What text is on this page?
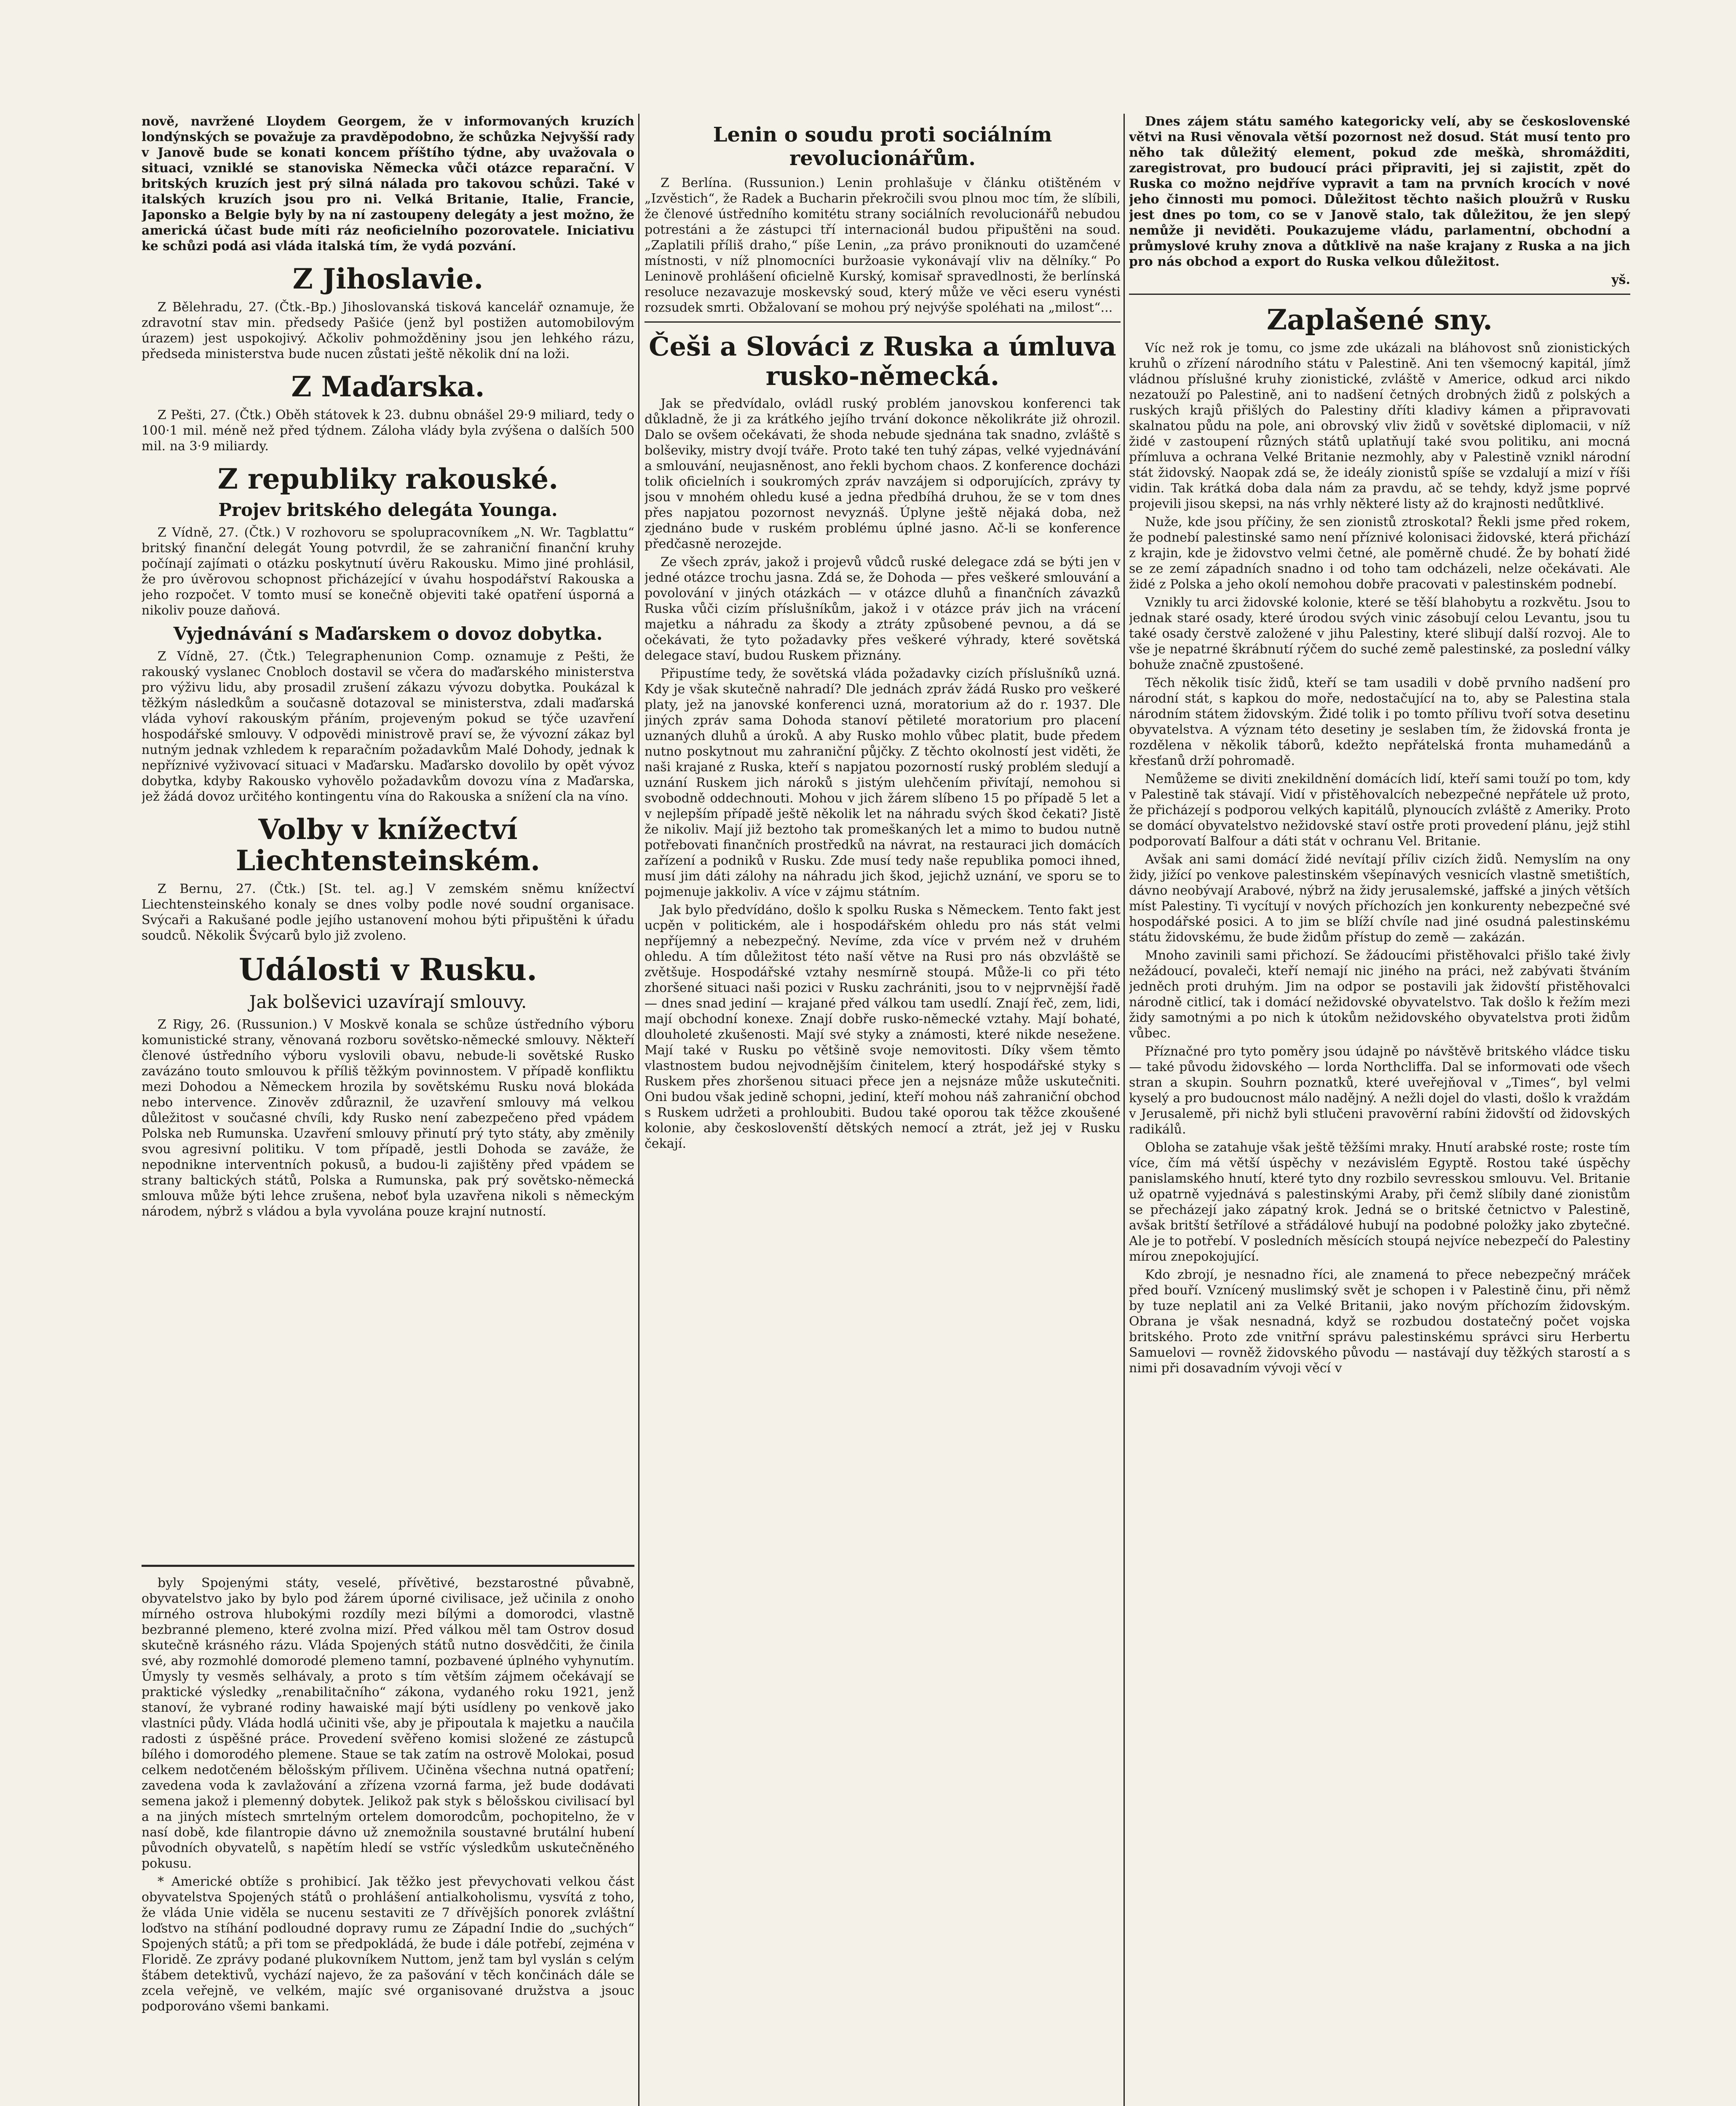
nově, navržené Lloydem Georgem, že v informovaných kruzích londýnských se považuje za pravděpodobno, že schůzka Nejvyšší rady v Janově bude se konati koncem příštího týdne, aby uvažovala o situaci, vzniklé se stanoviska Německa vůči otázce reparační. V britských kruzích jest prý silná nálada pro takovou schůzi. Také v italských kruzích jsou pro ni. Velká Britanie, Italie, Francie, Japonsko a Belgie byly by na ní zastoupeny delegáty a jest možno, že americká účast bude míti ráz neoficielního pozorovatele. Iniciativu ke schůzi podá asi vláda italská tím, že vydá pozvání.

Z Jihoslavie.

Z Bělehradu, 27. (Čtk.-Bp.) Jihoslovanská tisková kancelář oznamuje, že zdravotní stav min. předsedy Pašiće (jenž byl postižen automobilovým úrazem) jest uspokojivý. Ačkoliv pohmožděniny jsou jen lehkého rázu, předseda ministerstva bude nucen zůstati ještě několik dní na loži.

Z Maďarska.

Z Pešti, 27. (Čtk.) Oběh státovek k 23. dubnu obnášel 29·9 miliard, tedy o 100·1 mil. méně než před týdnem. Záloha vlády byla zvýšena o dalších 500 mil. na 3·9 miliardy.

Z republiky rakouské.
Projev britského delegáta Younga.

Z Vídně, 27. (Čtk.) V rozhovoru se spolupracovníkem „N. Wr. Tagblattu“ britský finanční delegát Young potvrdil, že se zahraniční finanční kruhy počínají zajímati o otázku poskytnutí úvěru Rakousku. Mimo jiné prohlásil, že pro úvěrovou schopnost přicházející v úvahu hospodářství Rakouska a jeho rozpočet. V tomto musí se konečně objeviti také opatření úsporná a nikoliv pouze daňová.

Vyjednávání s Maďarskem o dovoz dobytka.

Z Vídně, 27. (Čtk.) Telegraphenunion Comp. oznamuje z Pešti, že rakouský vyslanec Cnobloch dostavil se včera do maďarského ministerstva pro výživu lidu, aby prosadil zrušení zákazu vývozu dobytka. Poukázal k těžkým následkům a současně dotazoval se ministerstva, zdali maďarská vláda vyhoví rakouským přáním, projeveným pokud se týče uzavření hospodářské smlouvy. V odpovědi ministrově praví se, že vývozní zákaz byl nutným jednak vzhledem k reparačním požadavkům Malé Dohody, jednak k nepříznivé vyživovací situaci v Maďarsku. Maďarsko dovolilo by opět vývoz dobytka, kdyby Rakousko vyhovělo požadavkům dovozu vína z Maďarska, jež žádá dovoz určitého kontingentu vína do Rakouska a snížení cla na víno.

Volby v knížectví Liechtensteinském.

Z Bernu, 27. (Čtk.) [St. tel. ag.] V zemském sněmu knížectví Liechtensteinského konaly se dnes volby podle nové soudní organisace. Svýcaři a Rakušané podle jejího ustanovení mohou býti připuštěni k úřadu soudců. Několik Švýcarů bylo již zvoleno.

Události v Rusku.
Jak bolševici uzavírají smlouvy.

Z Rigy, 26. (Russunion.) V Moskvě konala se schůze ústředního výboru komunistické strany, věnovaná rozboru sovětsko-německé smlouvy. Někteří členové ústředního výboru vyslovili obavu, nebude-li sovětské Rusko zavázáno touto smlouvou k příliš těžkým povinnostem. V případě konfliktu mezi Dohodou a Německem hrozila by sovětskému Rusku nová blokáda nebo intervence. Zinověv zdůraznil, že uzavření smlouvy má velkou důležitost v současné chvíli, kdy Rusko není zabezpečeno před vpádem Polska neb Rumunska. Uzavření smlouvy přinutí prý tyto státy, aby změnily svou agresivní politiku. V tom případě, jestli Dohoda se zaváže, že nepodnikne interventních pokusů, a budou-li zajištěny před vpádem se strany baltických států, Polska a Rumunska, pak prý sovětsko-německá smlouva může býti lehce zrušena, neboť byla uzavřena nikoli s německým národem, nýbrž s vládou a byla vyvolána pouze krajní nutností.

byly Spojenými státy, veselé, přívětivé, bezstarostné půvabně, obyvatelstvo jako by bylo pod žárem úporné civilisace, jež učinila z onoho mírného ostrova hlubokými rozdíly mezi bílými a domorodci, vlastně bezbranné plemeno, které zvolna mizí. Před válkou měl tam Ostrov dosud skutečně krásného rázu. Vláda Spojených států nutno dosvědčiti, že činila své, aby rozmohlé domorodé plemeno tamní, pozbavené úplného vyhynutím. Úmysly ty vesměs selhávaly, a proto s tím větším zájmem očekávají se praktické výsledky „renabilitačního“ zákona, vydaného roku 1921, jenž stanoví, že vybrané rodiny hawaiské mají býti usídleny po venkově jako vlastníci půdy. Vláda hodlá učiniti vše, aby je připoutala k majetku a naučila radosti z úspěšné práce. Provedení svěřeno komisi složené ze zástupců bílého i domorodého plemene. Staue se tak zatím na ostrově Molokai, posud celkem nedotčeném bělošským přílivem. Učiněna všechna nutná opatření; zavedena voda k zavlažování a zřízena vzorná farma, jež bude dodávati semena jakož i plemenný dobytek. Jelikož pak styk s bělošskou civilisací byl a na jiných místech smrtelným ortelem domorodcům, pochopitelno, že v nasí době, kde filantropie dávno už znemožnila soustavné brutální hubení původních obyvatelů, s napětím hledí se vstříc výsledkům uskutečněného pokusu.

* Americké obtíže s prohibicí. Jak těžko jest převychovati velkou část obyvatelstva Spojených států o prohlášení antialkoholismu, vysvítá z toho, že vláda Unie viděla se nucenu sestaviti ze 7 dřívějších ponorek zvláštní loďstvo na stíhání podloudné dopravy rumu ze Západní Indie do „suchých“ Spojených států; a při tom se předpokládá, že bude i dále potřebí, zejména v Floridě. Ze zprávy podané plukovníkem Nuttom, jenž tam byl vyslán s celým štábem detektivů, vychází najevo, že za pašování v těch končinách dále se zcela veřejně, ve velkém, majíc své organisované družstva a jsouc podporováno všemi bankami.

Lenin o soudu proti sociálním revolucionářům.

Z Berlína. (Russunion.) Lenin prohlašuje v článku otištěném v „Izvěstich“, že Radek a Bucharin překročili svou plnou moc tím, že slíbili, že členové ústředního komitétu strany sociálních revolucionářů nebudou potrestáni a že zástupci tří internacionál budou připuštěni na soud. „Zaplatili příliš draho,“ píše Lenin, „za právo proniknouti do uzamčené místnosti, v níž plnomocníci buržoasie vykonávají vliv na dělníky.“ Po Leninově prohlášení oficielně Kurský, komisař spravedlnosti, že berlínská resoluce nezavazuje moskevský soud, který může ve věci eseru vynésti rozsudek smrti. Obžalovaní se mohou prý nejvýše spoléhati na „milost“...

Češi a Slováci z Ruska a úmluva rusko-německá.

Jak se předvídalo, ovládl ruský problém janovskou konferenci tak důkladně, že ji za krátkého jejího trvání dokonce několikráte již ohrozil. Dalo se ovšem očekávati, že shoda nebude sjednána tak snadno, zvláště s bolševiky, mistry dvojí tváře. Proto také ten tuhý zápas, velké vyjednávání a smlouvání, neujasněnost, ano řekli bychom chaos. Z konference docházi tolik oficielních i soukromých zpráv navzájem si odporujících, zprávy ty jsou v mnohém ohledu kusé a jedna předbíhá druhou, že se v tom dnes přes napjatou pozornost nevyznáš. Úplyne ještě nějaká doba, než zjednáno bude v ruském problému úplné jasno. Ač-li se konference předčasně nerozejde.

Ze všech zpráv, jakož i projevů vůdců ruské delegace zdá se býti jen v jedné otázce trochu jasna. Zdá se, že Dohoda — přes veškeré smlouvání a povolování v jiných otázkách — v otázce dluhů a finančních závazků Ruska vůči cizím příslušníkům, jakož i v otázce práv jich na vrácení majetku a náhradu za škody a ztráty způsobené pevnou, a dá se očekávati, že tyto požadavky přes veškeré výhrady, které sovětská delegace staví, budou Ruskem přiznány.

Připustíme tedy, že sovětská vláda požadavky cizích příslušníků uzná. Kdy je však skutečně nahradí? Dle jednách zpráv žádá Rusko pro veškeré platy, jež na janovské konferenci uzná, moratorium až do r. 1937. Dle jiných zpráv sama Dohoda stanoví pětileté moratorium pro placení uznaných dluhů a úroků. A aby Rusko mohlo vůbec platit, bude předem nutno poskytnout mu zahraniční půjčky. Z těchto okolností jest viděti, že naši krajané z Ruska, kteří s napjatou pozorností ruský problém sledují a uznání Ruskem jich nároků s jistým ulehčením přivítají, nemohou si svobodně oddechnouti. Mohou v jich žárem slíbeno 15 po případě 5 let a v nejlepším případě ještě několik let na náhradu svých škod čekati? Jistě že nikoliv. Mají již beztoho tak promeškaných let a mimo to budou nutně potřebovati finančních prostředků na návrat, na restauraci jich domácích zařízení a podniků v Rusku. Zde musí tedy naše republika pomoci ihned, musí jim dáti zálohy na náhradu jich škod, jejichž uznání, ve sporu se to pojmenuje jakkoliv. A více v zájmu státním.

Jak bylo předvídáno, došlo k spolku Ruska s Německem. Tento fakt jest ucpěn v politickém, ale i hospodářském ohledu pro nás stát velmi nepříjemný a nebezpečný. Nevíme, zda více v prvém než v druhém ohledu. A tím důležitost této naší větve na Rusi pro nás obzvláště se zvětšuje. Hospodářské vztahy nesmírně stoupá. Může-li co při této zhoršené situaci naši pozici v Rusku zachrániti, jsou to v nejprvnější řadě — dnes snad jediní — krajané před válkou tam usedlí. Znají řeč, zem, lidi, mají obchodní konexe. Znají dobře rusko-německé vztahy. Mají bohaté, dlouholeté zkušenosti. Mají své styky a známosti, které nikde nesežene. Mají také v Rusku po většině svoje nemovitosti. Díky všem těmto vlastnostem budou nejvodnějším činitelem, který hospodářské styky s Ruskem přes zhoršenou situaci přece jen a nejsnáze může uskutečniti. Oni budou však jedině schopni, jediní, kteří mohou náš zahraniční obchod s Ruskem udržeti a prohloubiti. Budou také oporou tak těžce zkoušené kolonie, aby českoslovenští dětských nemocí a ztrát, jež jej v Rusku čekají.

Dnes zájem státu samého kategoricky velí, aby se československé větvi na Rusi věnovala větší pozornost než dosud. Stát musí tento pro něho tak důležitý element, pokud zde meškà, shromážditi, zaregistrovat, pro budoucí práci připraviti, jej si zajistit, zpět do Ruska co možno nejdříve vypravit a tam na prvních krocích v nové jeho činnosti mu pomoci. Důležitost těchto našich ploužrů v Rusku jest dnes po tom, co se v Janově stalo, tak důležitou, že jen slepý nemůže ji neviděti. Poukazujeme vládu, parlamentní, obchodní a průmyslové kruhy znova a důtklivě na naše krajany z Ruska a na jich pro nás obchod a export do Ruska velkou důležitost.

yš.
Zaplašené sny.

Víc než rok je tomu, co jsme zde ukázali na bláhovost snů zionistických kruhů o zřízení národního státu v Palestině. Ani ten všemocný kapitál, jímž vládnou příslušné kruhy zionistické, zvláště v Americe, odkud arci nikdo nezatouží po Palestině, ani to nadšení četných drobných židů z polských a ruských krajů přišlých do Palestiny dříti kladivy kámen a připravovati skalnatou půdu na pole, ani obrovský vliv židů v sovětské diplomacii, v níž židé v zastoupení různých států uplatňují také svou politiku, ani mocná přímluva a ochrana Velké Britanie nezmohly, aby v Palestině vznikl národní stát židovský. Naopak zdá se, že ideály zionistů spíše se vzdalují a mizí v říši vidin. Tak krátká doba dala nám za pravdu, ač se tehdy, když jsme poprvé projevili jisou skepsi, na nás vrhly některé listy až do krajnosti nedůtklivé.

Nuže, kde jsou příčiny, že sen zionistů ztroskotal? Řekli jsme před rokem, že podnebí palestinské samo není příznivé kolonisaci židovské, která přichází z krajin, kde je židovstvo velmi četné, ale poměrně chudé. Že by bohatí židé se ze zemí západních snadno i od toho tam odcházeli, nelze očekávati. Ale židé z Polska a jeho okolí nemohou dobře pracovati v palestinském podnebí.

Vznikly tu arci židovské kolonie, které se těší blahobytu a rozkvětu. Jsou to jednak staré osady, které úrodou svých vinic zásobují celou Levantu, jsou tu také osady čerstvě založené v jihu Palestiny, které slibují další rozvoj. Ale to vše je nepatrné škrábnutí rýčem do suché země palestinské, za poslední války bohuže značně zpustošené.

Těch několik tisíc židů, kteří se tam usadili v době prvního nadšení pro národní stát, s kapkou do moře, nedostačující na to, aby se Palestina stala národním státem židovským. Židé tolik i po tomto přílivu tvoří sotva desetinu obyvatelstva. A význam této desetiny je seslaben tím, že židovská fronta je rozdělena v několik táborů, kdežto nepřátelská fronta muhamedánů a křesťanů drží pohromadě.

Nemůžeme se diviti znekildnění domácích lidí, kteří sami touží po tom, kdy v Palestině tak stávají. Vidí v přistěhovalcích nebezpečné nepřátele už proto, že přicházejí s podporou velkých kapitálů, plynoucích zvláště z Ameriky. Proto se domácí obyvatelstvo nežidovské staví ostře proti provedení plánu, jejž stihl podporovatí Balfour a dáti stát v ochranu Vel. Britanie.

Avšak ani sami domácí židé nevítají příliv cizích židů. Nemyslím na ony židy, jižící po venkove palestinském všepínavých vesnicích vlastně smetištích, dávno neobývají Arabové, nýbrž na židy jerusalemské, jaffské a jiných větších míst Palestiny. Ti vycítují v nových příchozích jen konkurenty nebezpečné své hospodářské posici. A to jim se blíží chvíle nad jiné osudná palestinskému státu židovskému, že bude židům přístup do země — zakázán.

Mnoho zavinili sami přichozí. Se žádoucími přistěhovalci přišlo také živly nežádoucí, povaleči, kteří nemají nic jiného na práci, než zabývati štváním jedněch proti druhým. Jim na odpor se postavili jak židovští přistěhovalci národně citlicí, tak i domácí nežidovské obyvatelstvo. Tak došlo k řežím mezi židy samotnými a po nich k útokům nežidovského obyvatelstva proti židům vůbec.

Příznačné pro tyto poměry jsou údajně po návštěvě britského vládce tisku — také původu židovského — lorda Northcliffa. Dal se informovati ode všech stran a skupin. Souhrn poznatků, které uveřejňoval v „Times“, byl velmi kyselý a pro budoucnost málo nadějný. A nežli dojel do vlasti, došlo k vraždám v Jerusalemě, při nichž byli stlučeni pravověrní rabíni židovští od židovských radikálů.

Obloha se zatahuje však ještě těžšími mraky. Hnutí arabské roste; roste tím více, čím má větší úspěchy v nezávislém Egyptě. Rostou také úspěchy panislamského hnutí, které tyto dny rozbilo sevresskou smlouvu. Vel. Britanie už opatrně vyjednává s palestinskými Araby, při čemž slíbily dané zionistům se přecházejí jako zápatný krok. Jedná se o britské četnictvo v Palestině, avšak britští šetřílové a střádálové hubují na podobné položky jako zbytečné. Ale je to potřebí. V posledních měsících stoupá nejvíce nebezpečí do Palestiny mírou znepokojující.

Kdo zbrojí, je nesnadno říci, ale znamená to přece nebezpečný mráček před bouří. Vznícený muslimský svět je schopen i v Palestině činu, při němž by tuze neplatil ani za Velké Britanii, jako novým příchozím židovským. Obrana je však nesnadná, když se rozbudou dostatečný počet vojska britského. Proto zde vnitřní správu palestinskému správci siru Herbertu Samuelovi — rovněž židovského původu — nastávají duy těžkých starostí a s nimi při dosavadním vývoji věcí v
